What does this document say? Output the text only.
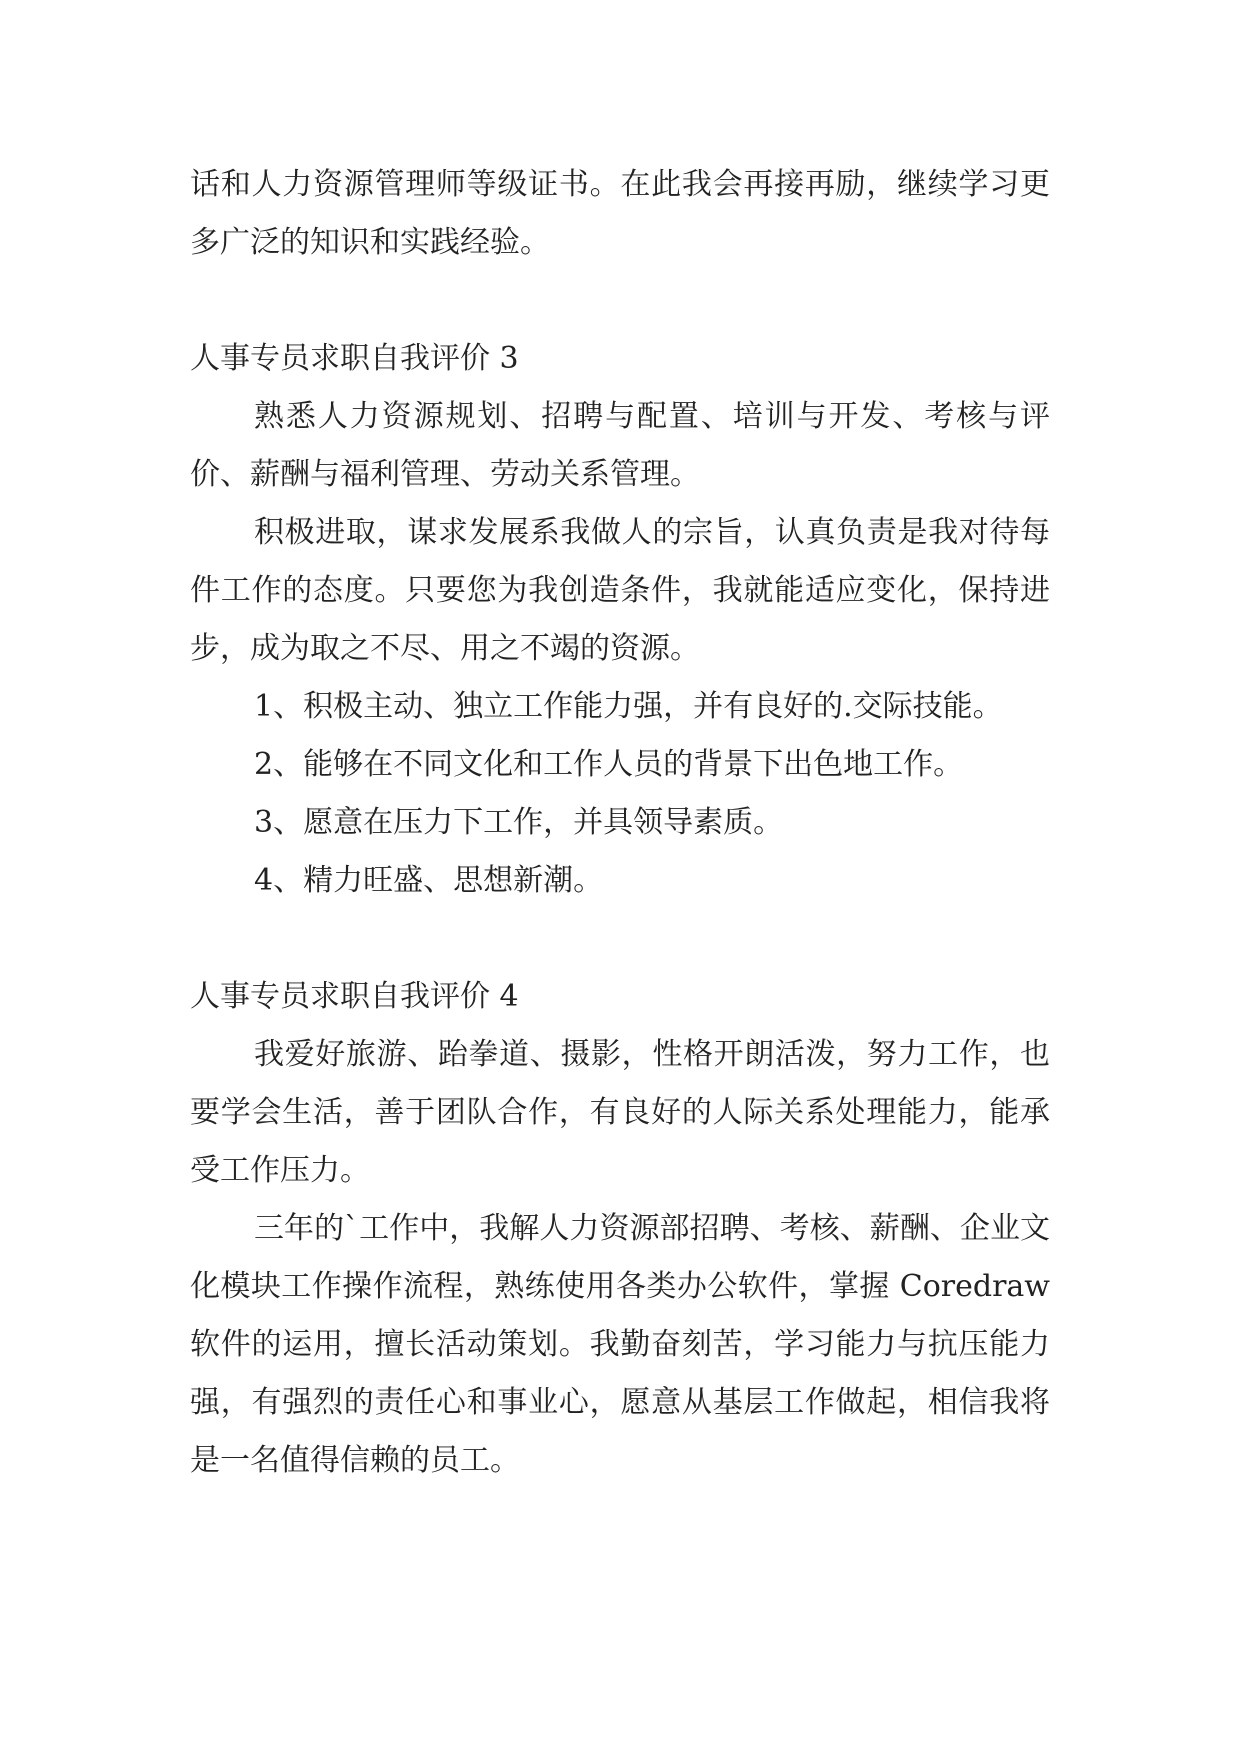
话和人力资源管理师等级证书。在此我会再接再励，继续学习更多广泛的知识和实践经验。

人事专员求职自我评价 3

熟悉人力资源规划、招聘与配置、培训与开发、考核与评价、薪酬与福利管理、劳动关系管理。

积极进取，谋求发展系我做人的宗旨，认真负责是我对待每件工作的态度。只要您为我创造条件，我就能适应变化，保持进步，成为取之不尽、用之不竭的资源。

1、积极主动、独立工作能力强，并有良好的.交际技能。

2、能够在不同文化和工作人员的背景下出色地工作。

3、愿意在压力下工作，并具领导素质。

4、精力旺盛、思想新潮。

人事专员求职自我评价 4

我爱好旅游、跆拳道、摄影，性格开朗活泼，努力工作，也要学会生活，善于团队合作，有良好的人际关系处理能力，能承受工作压力。

三年的`工作中，我解人力资源部招聘、考核、薪酬、企业文化模块工作操作流程，熟练使用各类办公软件，掌握 Coredraw 软件的运用，擅长活动策划。我勤奋刻苦，学习能力与抗压能力强，有强烈的责任心和事业心，愿意从基层工作做起，相信我将是一名值得信赖的员工。
